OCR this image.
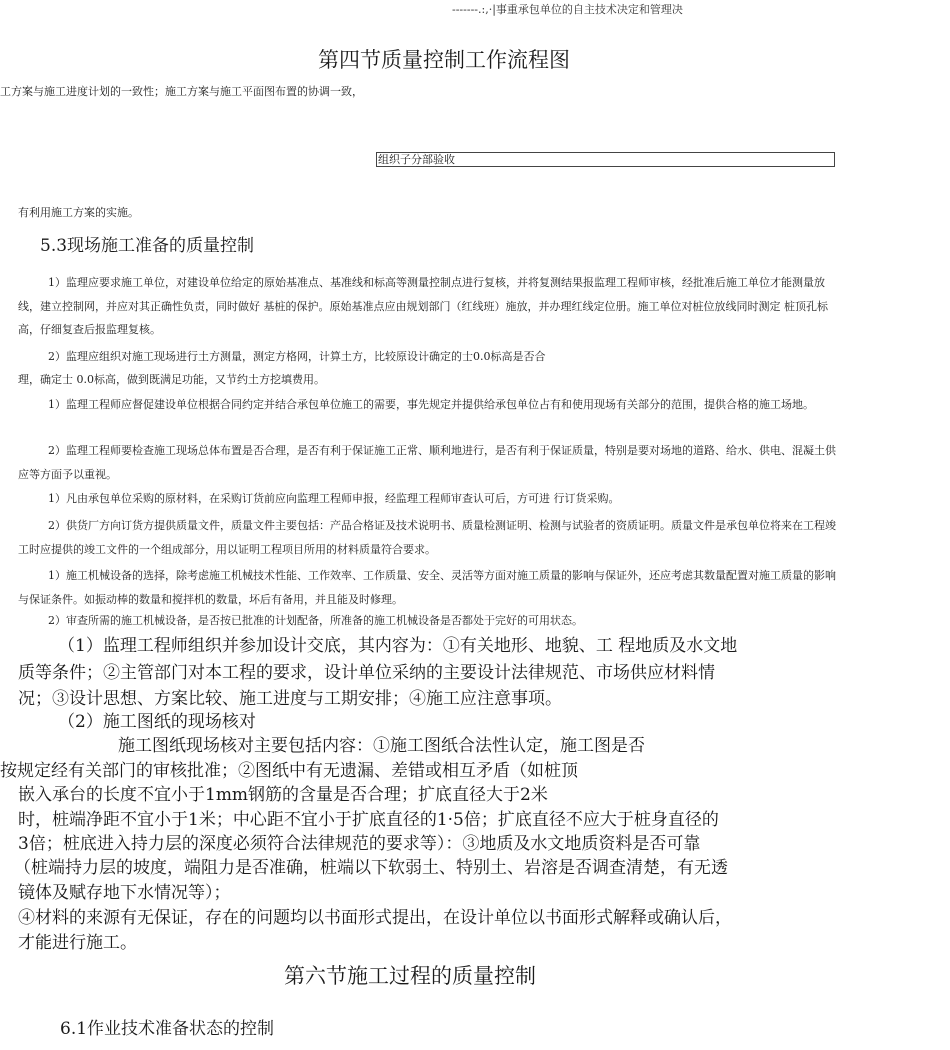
-------.:,·|事重承包单位的自主技术决定和管理决
第四节质量控制工作流程图
工方案与施工进度计划的一致性；施工方案与施工平面图布置的协调一致，
组织子分部验收
有利用施工方案的实施。
5.3现场施工准备的质量控制
1）监理应要求施工单位，对建设单位给定的原始基准点、基准线和标高等测量控制点进行复核，并将复测结果报监理工程师审核，经批准后施工单位才能测量放线，建立控制网，并应对其正确性负责，同时做好 基桩的保护。原始基准点应由规划部门（红线班）施放，并办理红线定位册。施工单位对桩位放线同时测定 桩顶孔标高，仔细复查后报监理复核。
2）监理应组织对施工现场进行土方测量，测定方格网，计算土方，比较原设计确定的士0.0标高是否合
理，确定士 0.0标高，做到既满足功能，又节约土方挖填费用。
1）监理工程师应督促建设单位根据合同约定并结合承包单位施工的需要，事先规定并提供给承包单位占有和使用现场有关部分的范围，提供合格的施工场地。
2）监理工程师要检查施工现场总体布置是否合理，是否有利于保证施工正常、顺利地进行，是否有利于保证质量，特别是要对场地的道路、给水、供电、混凝土供应等方面予以重视。
1）凡由承包单位采购的原材料，在采购订货前应向监理工程师申报，经监理工程师审查认可后，方可进 行订货采购。
2）供货厂方向订货方提供质量文件，质量文件主要包括：产品合格证及技术说明书、质量检测证明、检测与试验者的资质证明。质量文件是承包单位将来在工程竣工时应提供的竣工文件的一个组成部分，用以证明工程项目所用的材料质量符合要求。
1）施工机械设备的选择，除考虑施工机械技术性能、工作效率、工作质量、安全、灵活等方面对施工质量的影响与保证外，还应考虑其数量配置对施工质量的影响与保证条件。如振动棒的数量和搅拌机的数量，坏后有备用，并且能及时修理。
2）审查所需的施工机械设备，是否按已批准的计划配备，所准备的施工机械设备是否都处于完好的可用状态。
（1）监理工程师组织并参加设计交底，其内容为：①有关地形、地貌、工 程地质及水文地
质等条件；②主管部门对本工程的要求，设计单位采纳的主要设计法律规范、市场供应材料情
况；③设计思想、方案比较、施工进度与工期安排；④施工应注意事项。
（2）施工图纸的现场核对
施工图纸现场核对主要包括内容：①施工图纸合法性认定，施工图是否
按规定经有关部门的审核批准；②图纸中有无遗漏、差错或相互矛盾（如桩顶
嵌入承台的长度不宜小于1mm钢筋的含量是否合理；扩底直径大于2米
时，桩端净距不宜小于1米；中心距不宜小于扩底直径的1·5倍；扩底直径不应大于桩身直径的
3倍；桩底进入持力层的深度必须符合法律规范的要求等）：③地质及水文地质资料是否可靠
（桩端持力层的坡度，端阻力是否准确，桩端以下软弱土、特别土、岩溶是否调查清楚，有无透
镜体及赋存地下水情况等）；
④材料的来源有无保证，存在的问题均以书面形式提出，在设计单位以书面形式解释或确认后，
才能进行施工。
第六节施工过程的质量控制
6.1作业技术准备状态的控制
